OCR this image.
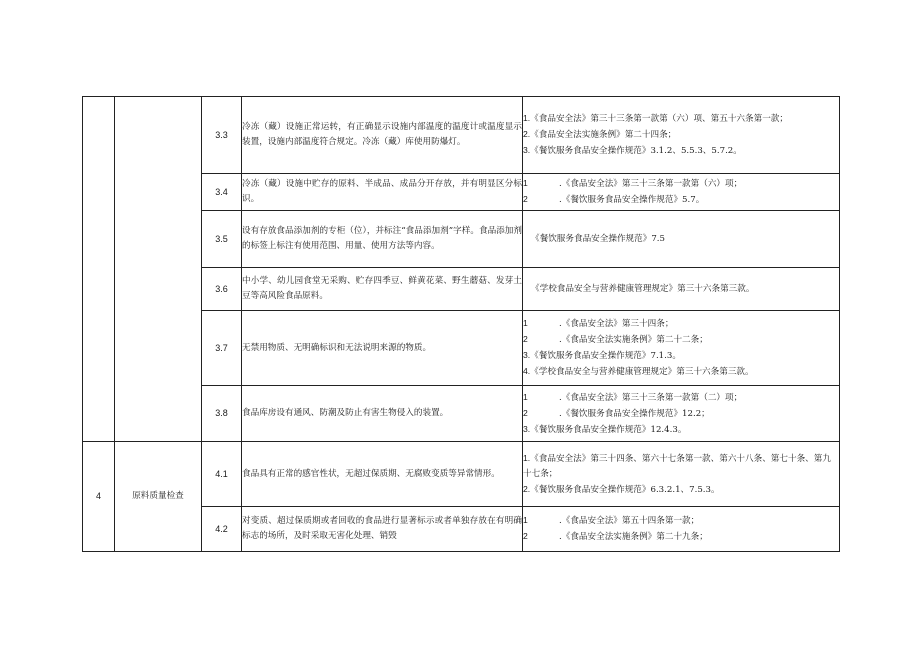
		3.3	冷冻（藏）设施正常运转，有正确显示设施内部温度的温度计或温度显示装置，设施内部温度符合规定。冷冻（藏）库使用防爆灯。	1.《食品安全法》第三十三条第一款第（六）项、第五十六条第一款；
2.《食品安全法实施条例》第二十四条；
3.《餐饮服务食品安全操作规范》3.1.2、5.5.3、5.7.2。

		3.4	冷冻（藏）设施中贮存的原料、半成品、成品分开存放，并有明显区分标识。	1 .《食品安全法》第三十三条第一款第（六）项；
2 .《餐饮服务食品安全操作规范》5.7。

		3.5	设有存放食品添加剂的专柜（位），并标注“食品添加剂”字样。食品添加剂的标签上标注有使用范围、用量、使用方法等内容。	《餐饮服务食品安全操作规范》7.5

		3.6	中小学、幼儿园食堂无采购、贮存四季豆、鲜黄花菜、野生蘑菇、发芽土豆等高风险食品原料。	《学校食品安全与营养健康管理规定》第三十六条第三款。

		3.7	无禁用物质、无明确标识和无法说明来源的物质。	1 .《食品安全法》第三十四条；
2 .《食品安全法实施条例》第二十二条；
3.《餐饮服务食品安全操作规范》7.1.3。
4.《学校食品安全与营养健康管理规定》第三十六条第三款。

		3.8	食品库房设有通风、防潮及防止有害生物侵入的装置。	1 .《食品安全法》第三十三条第一款第（二）项；
2 .《餐饮服务食品安全操作规范》12.2；
3.《餐饮服务食品安全操作规范》12.4.3。

4	原料质量检查	4.1	食品具有正常的感官性状，无超过保质期、无腐败变质等异常情形。	1.《食品安全法》第三十四条、第六十七条第一款、第六十八条、第七十条、第九十七条；
2.《餐饮服务食品安全操作规范》6.3.2.1、7.5.3。

		4.2	对变质、超过保质期或者回收的食品进行显著标示或者单独存放在有明确标志的场所，及时采取无害化处理、销毁	1 .《食品安全法》第五十四条第一款；
2 .《食品安全法实施条例》第二十九条；
